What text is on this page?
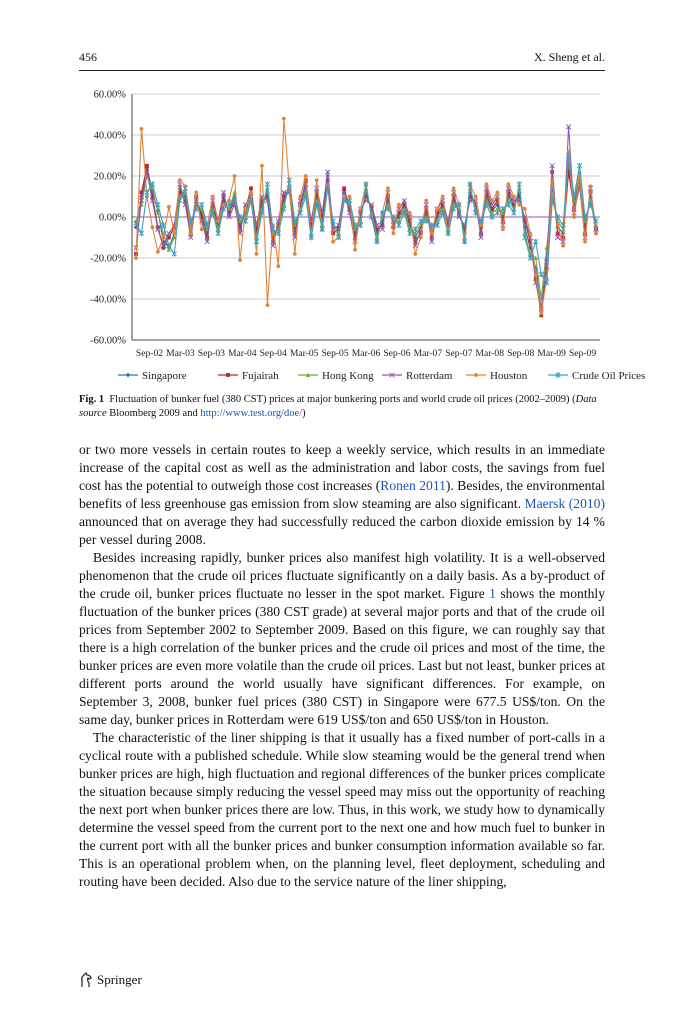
456	X. Sheng et al.
60.00%
40.00%
20.00%
0.00%
-20.00%
-40.00%
-60.00%
Sep-02 Mar-03 Sep-03 Mar-04 Sep-04 Mar-05 Sep-05 Mar-06 Sep-06 Mar-07 Sep-07 Mar-08 Sep-08 Mar-09 Sep-09
Singapore	Fujairah	Hong Kong	Rotterdam	Houston	Crude Oil Prices
Fig. 1 Fluctuation of bunker fuel (380 CST) prices at major bunkering ports and world crude oil prices (2002–2009) (Data source Bloomberg 2009 and http://www.test.org/doe/)

or two more vessels in certain routes to keep a weekly service, which results in an immediate increase of the capital cost as well as the administration and labor costs, the savings from fuel cost has the potential to outweigh those cost increases (Ronen 2011). Besides, the environmental benefits of less greenhouse gas emission from slow steaming are also significant. Maersk (2010) announced that on average they had successfully reduced the carbon dioxide emission by 14 % per vessel during 2008.

Besides increasing rapidly, bunker prices also manifest high volatility. It is a well-observed phenomenon that the crude oil prices fluctuate significantly on a daily basis. As a by-product of the crude oil, bunker prices fluctuate no lesser in the spot market. Figure 1 shows the monthly fluctuation of the bunker prices (380 CST grade) at several major ports and that of the crude oil prices from September 2002 to September 2009. Based on this figure, we can roughly say that there is a high correlation of the bunker prices and the crude oil prices and most of the time, the bunker prices are even more volatile than the crude oil prices. Last but not least, bunker prices at different ports around the world usually have significant differences. For example, on September 3, 2008, bunker fuel prices (380 CST) in Singapore were 677.5 US$/ton. On the same day, bunker prices in Rotterdam were 619 US$/ton and 650 US$/ton in Houston.

The characteristic of the liner shipping is that it usually has a fixed number of port-calls in a cyclical route with a published schedule. While slow steaming would be the general trend when bunker prices are high, high fluctuation and regional differences of the bunker prices complicate the situation because simply reducing the vessel speed may miss out the opportunity of reaching the next port when bunker prices there are low. Thus, in this work, we study how to dynamically determine the vessel speed from the current port to the next one and how much fuel to bunker in the current port with all the bunker prices and bunker consumption information available so far. This is an operational problem when, on the planning level, fleet deployment, scheduling and routing have been decided. Also due to the service nature of the liner shipping,

Springer
